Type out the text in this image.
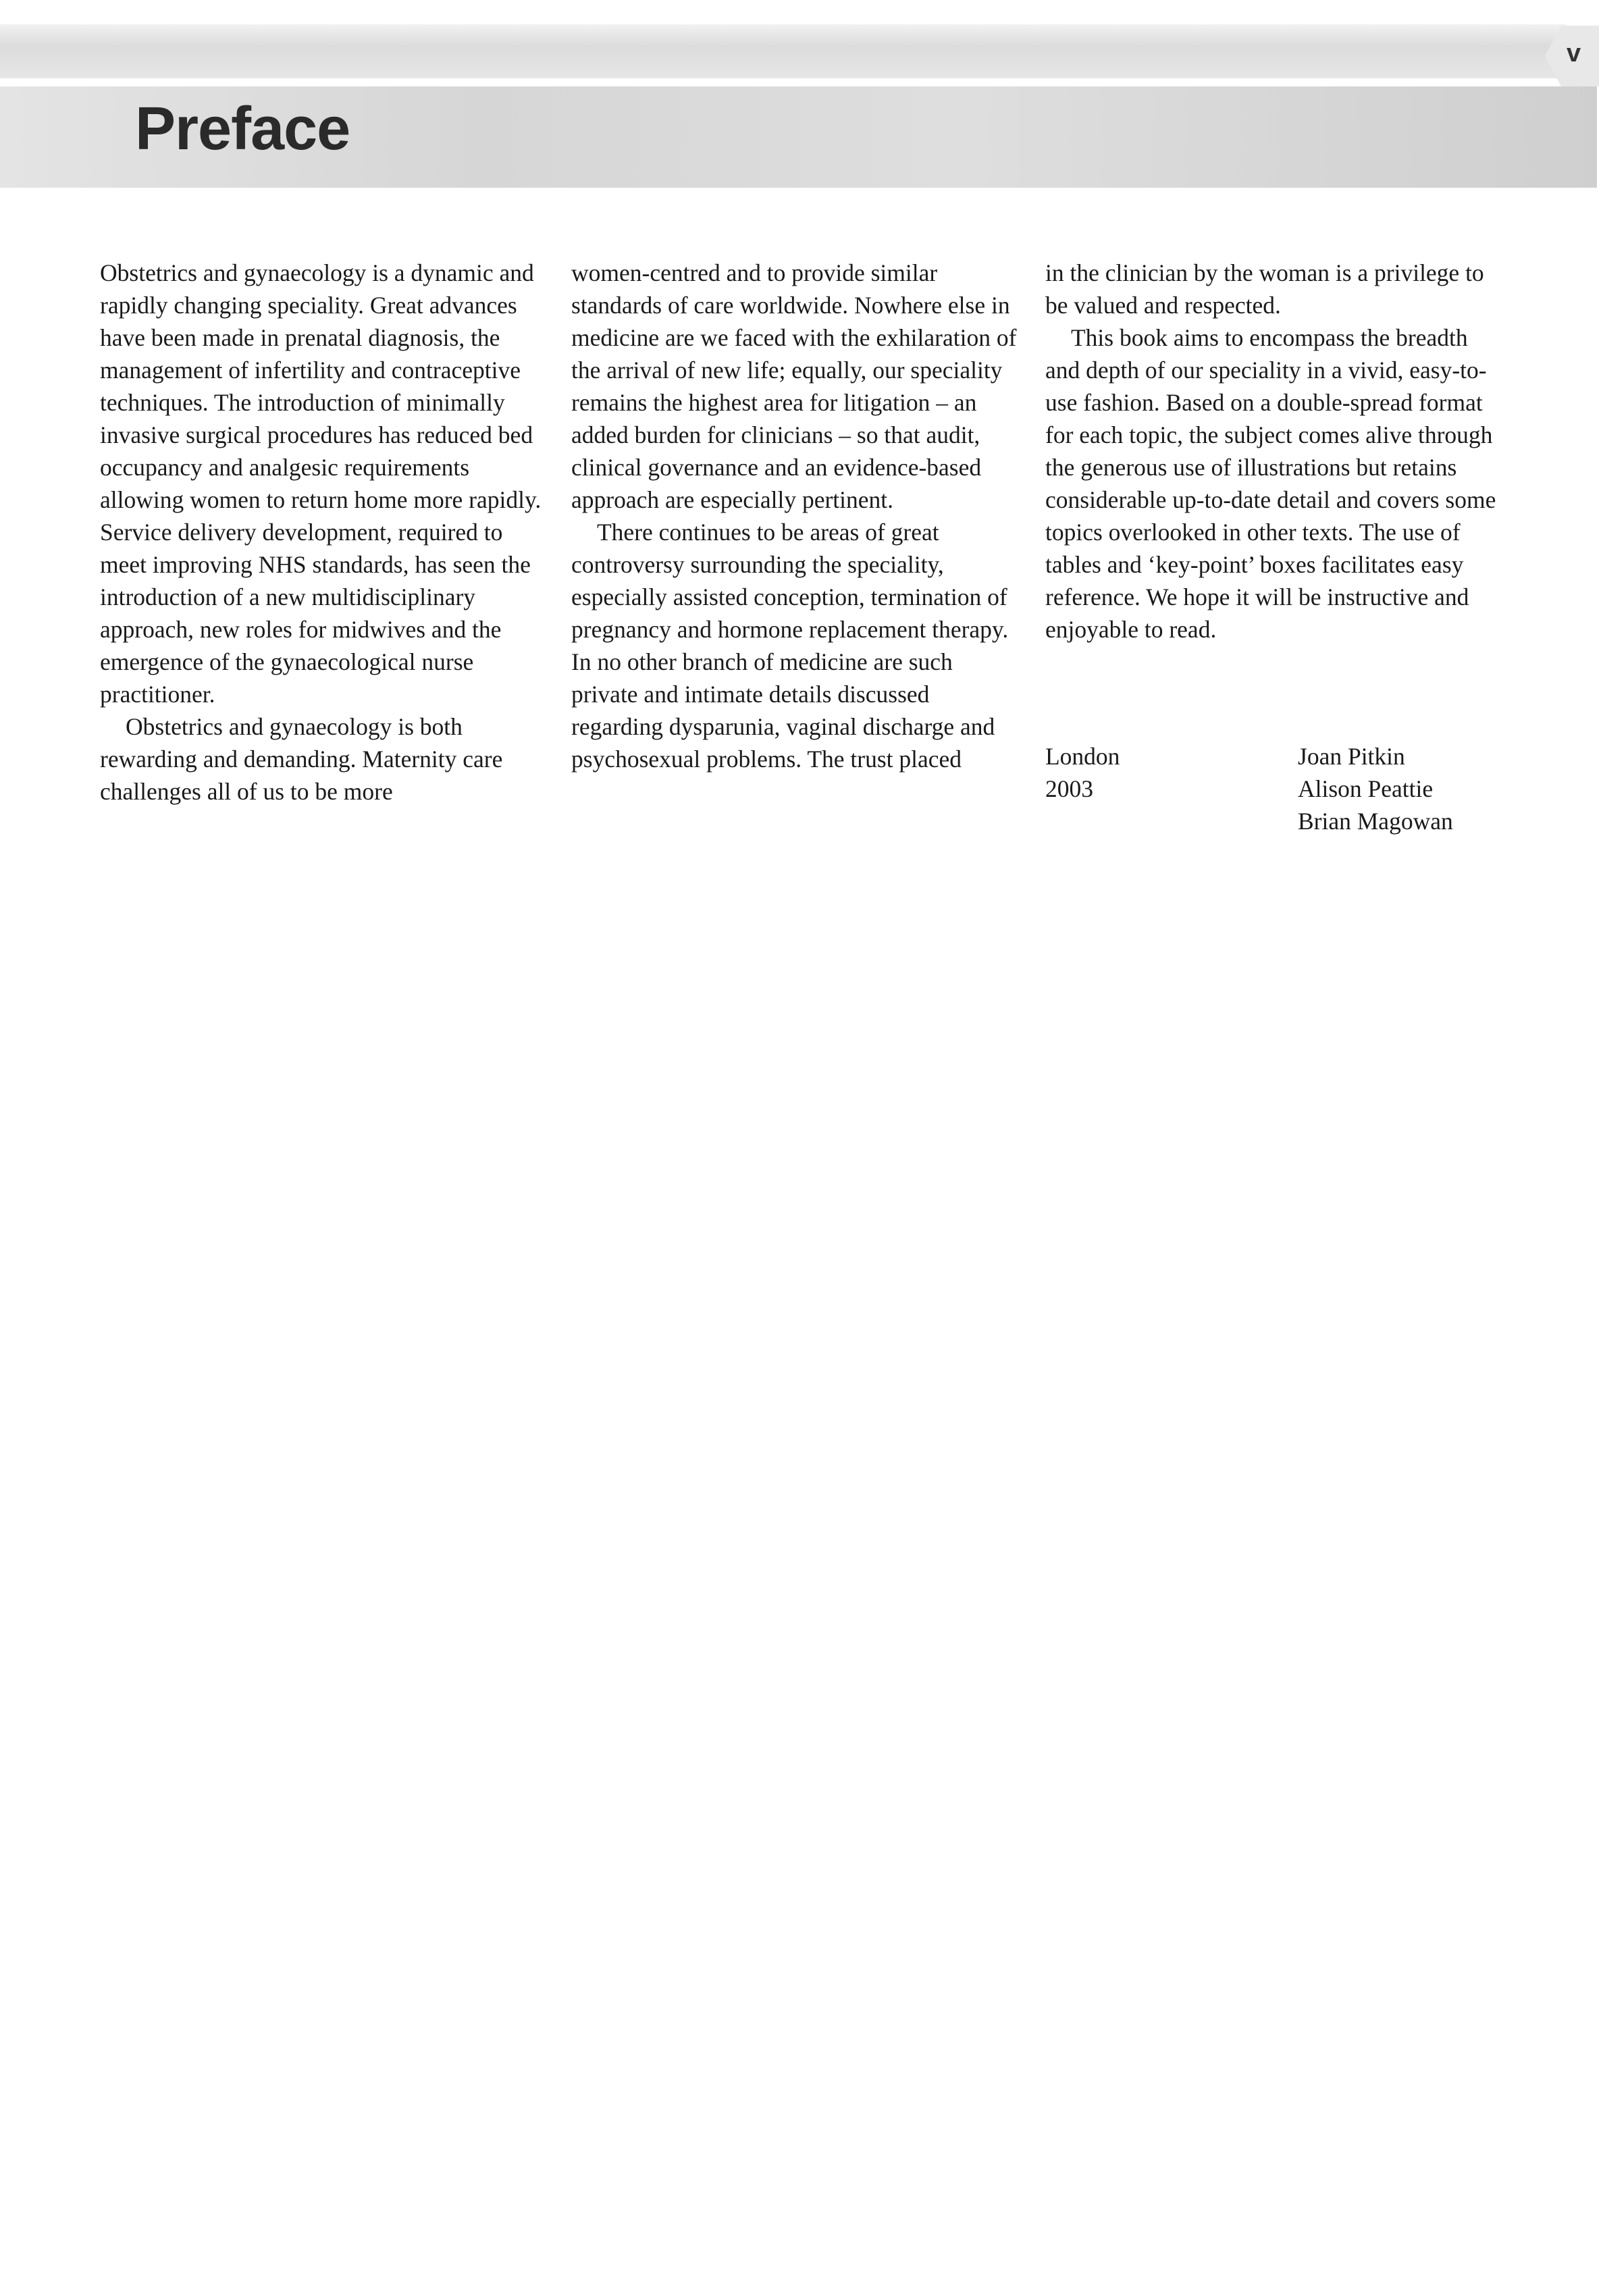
v
Preface

Obstetrics and gynaecology is a dynamic and rapidly changing speciality. Great advances have been made in prenatal diagnosis, the management of infertility and contraceptive techniques. The introduction of minimally invasive surgical procedures has reduced bed occupancy and analgesic requirements allowing women to return home more rapidly. Service delivery development, required to meet improving NHS standards, has seen the introduction of a new multidisciplinary approach, new roles for midwives and the emergence of the gynaecological nurse practitioner.

Obstetrics and gynaecology is both rewarding and demanding. Maternity care challenges all of us to be more

women-centred and to provide similar standards of care worldwide. Nowhere else in medicine are we faced with the exhilaration of the arrival of new life; equally, our speciality remains the highest area for litigation – an added burden for clinicians – so that audit, clinical governance and an evidence-based approach are especially pertinent.

There continues to be areas of great controversy surrounding the speciality, especially assisted conception, termination of pregnancy and hormone replacement therapy. In no other branch of medicine are such private and intimate details discussed regarding dysparunia, vaginal discharge and psychosexual problems. The trust placed

in the clinician by the woman is a privilege to be valued and respected.

This book aims to encompass the breadth and depth of our speciality in a vivid, easy-to-use fashion. Based on a double-spread format for each topic, the subject comes alive through the generous use of illustrations but retains considerable up-to-date detail and covers some topics overlooked in other texts. The use of tables and ‘key-point’ boxes facilitates easy reference. We hope it will be instructive and enjoyable to read.

London
2003
Joan Pitkin
Alison Peattie
Brian Magowan
